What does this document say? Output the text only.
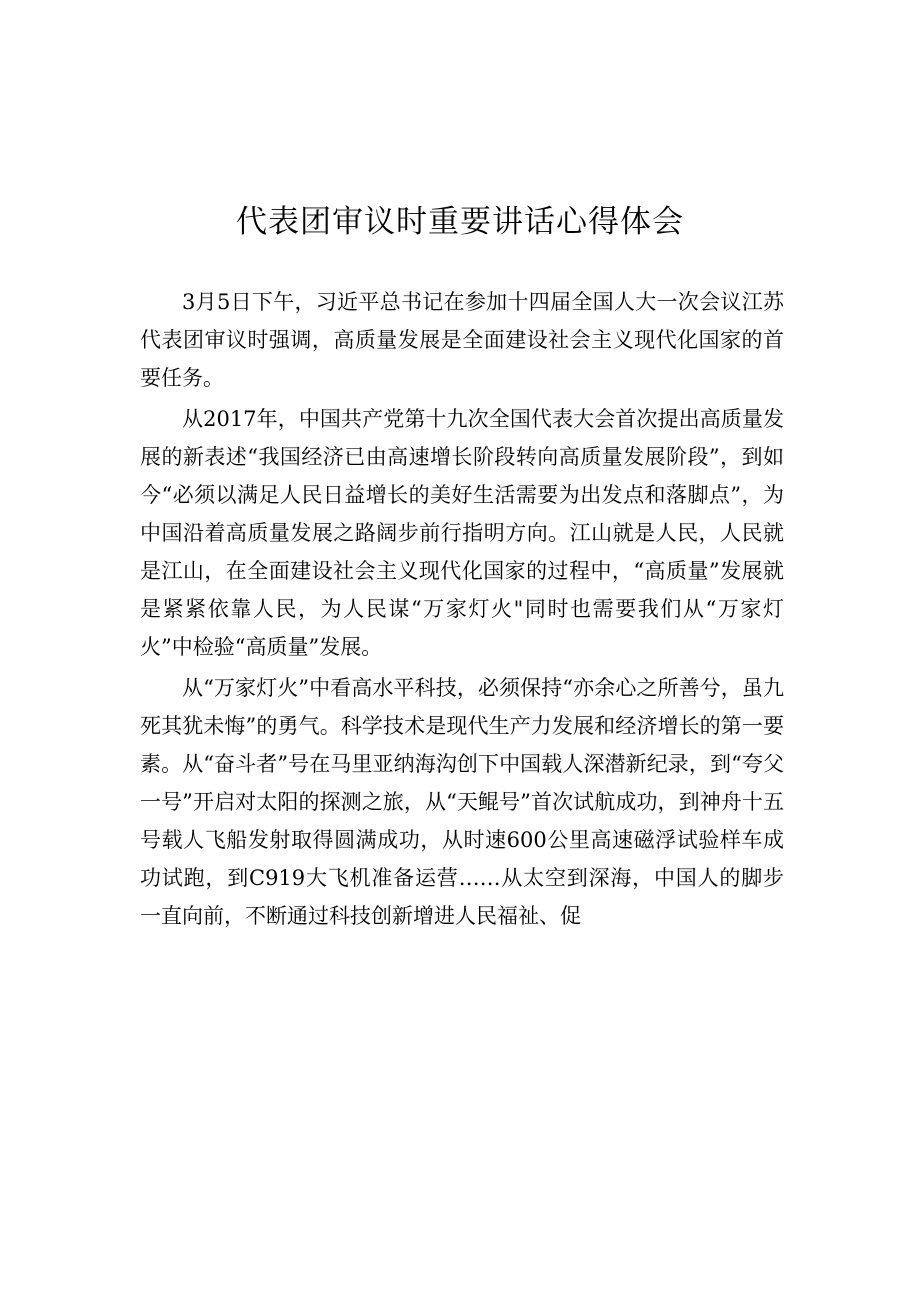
代表团审议时重要讲话心得体会

3月5日下午，习近平总书记在参加十四届全国人大一次会议江苏代表团审议时强调，高质量发展是全面建设社会主义现代化国家的首要任务。

从2017年，中国共产党第十九次全国代表大会首次提出高质量发展的新表述“我国经济已由高速增长阶段转向高质量发展阶段”，到如今“必须以满足人民日益增长的美好生活需要为出发点和落脚点”，为中国沿着高质量发展之路阔步前行指明方向。江山就是人民，人民就是江山，在全面建设社会主义现代化国家的过程中，“高质量”发展就是紧紧依靠人民，为人民谋“万家灯火"同时也需要我们从“万家灯火”中检验“高质量”发展。

从“万家灯火”中看高水平科技，必须保持“亦余心之所善兮，虽九死其犹未悔”的勇气。科学技术是现代生产力发展和经济增长的第一要素。从“奋斗者”号在马里亚纳海沟创下中国载人深潜新纪录，到“夸父一号”开启对太阳的探测之旅，从“天鲲号”首次试航成功，到神舟十五号载人飞船发射取得圆满成功，从时速600公里高速磁浮试验样车成功试跑，到C919大飞机准备运营……从太空到深海，中国人的脚步一直向前，不断通过科技创新增进人民福祉、促
